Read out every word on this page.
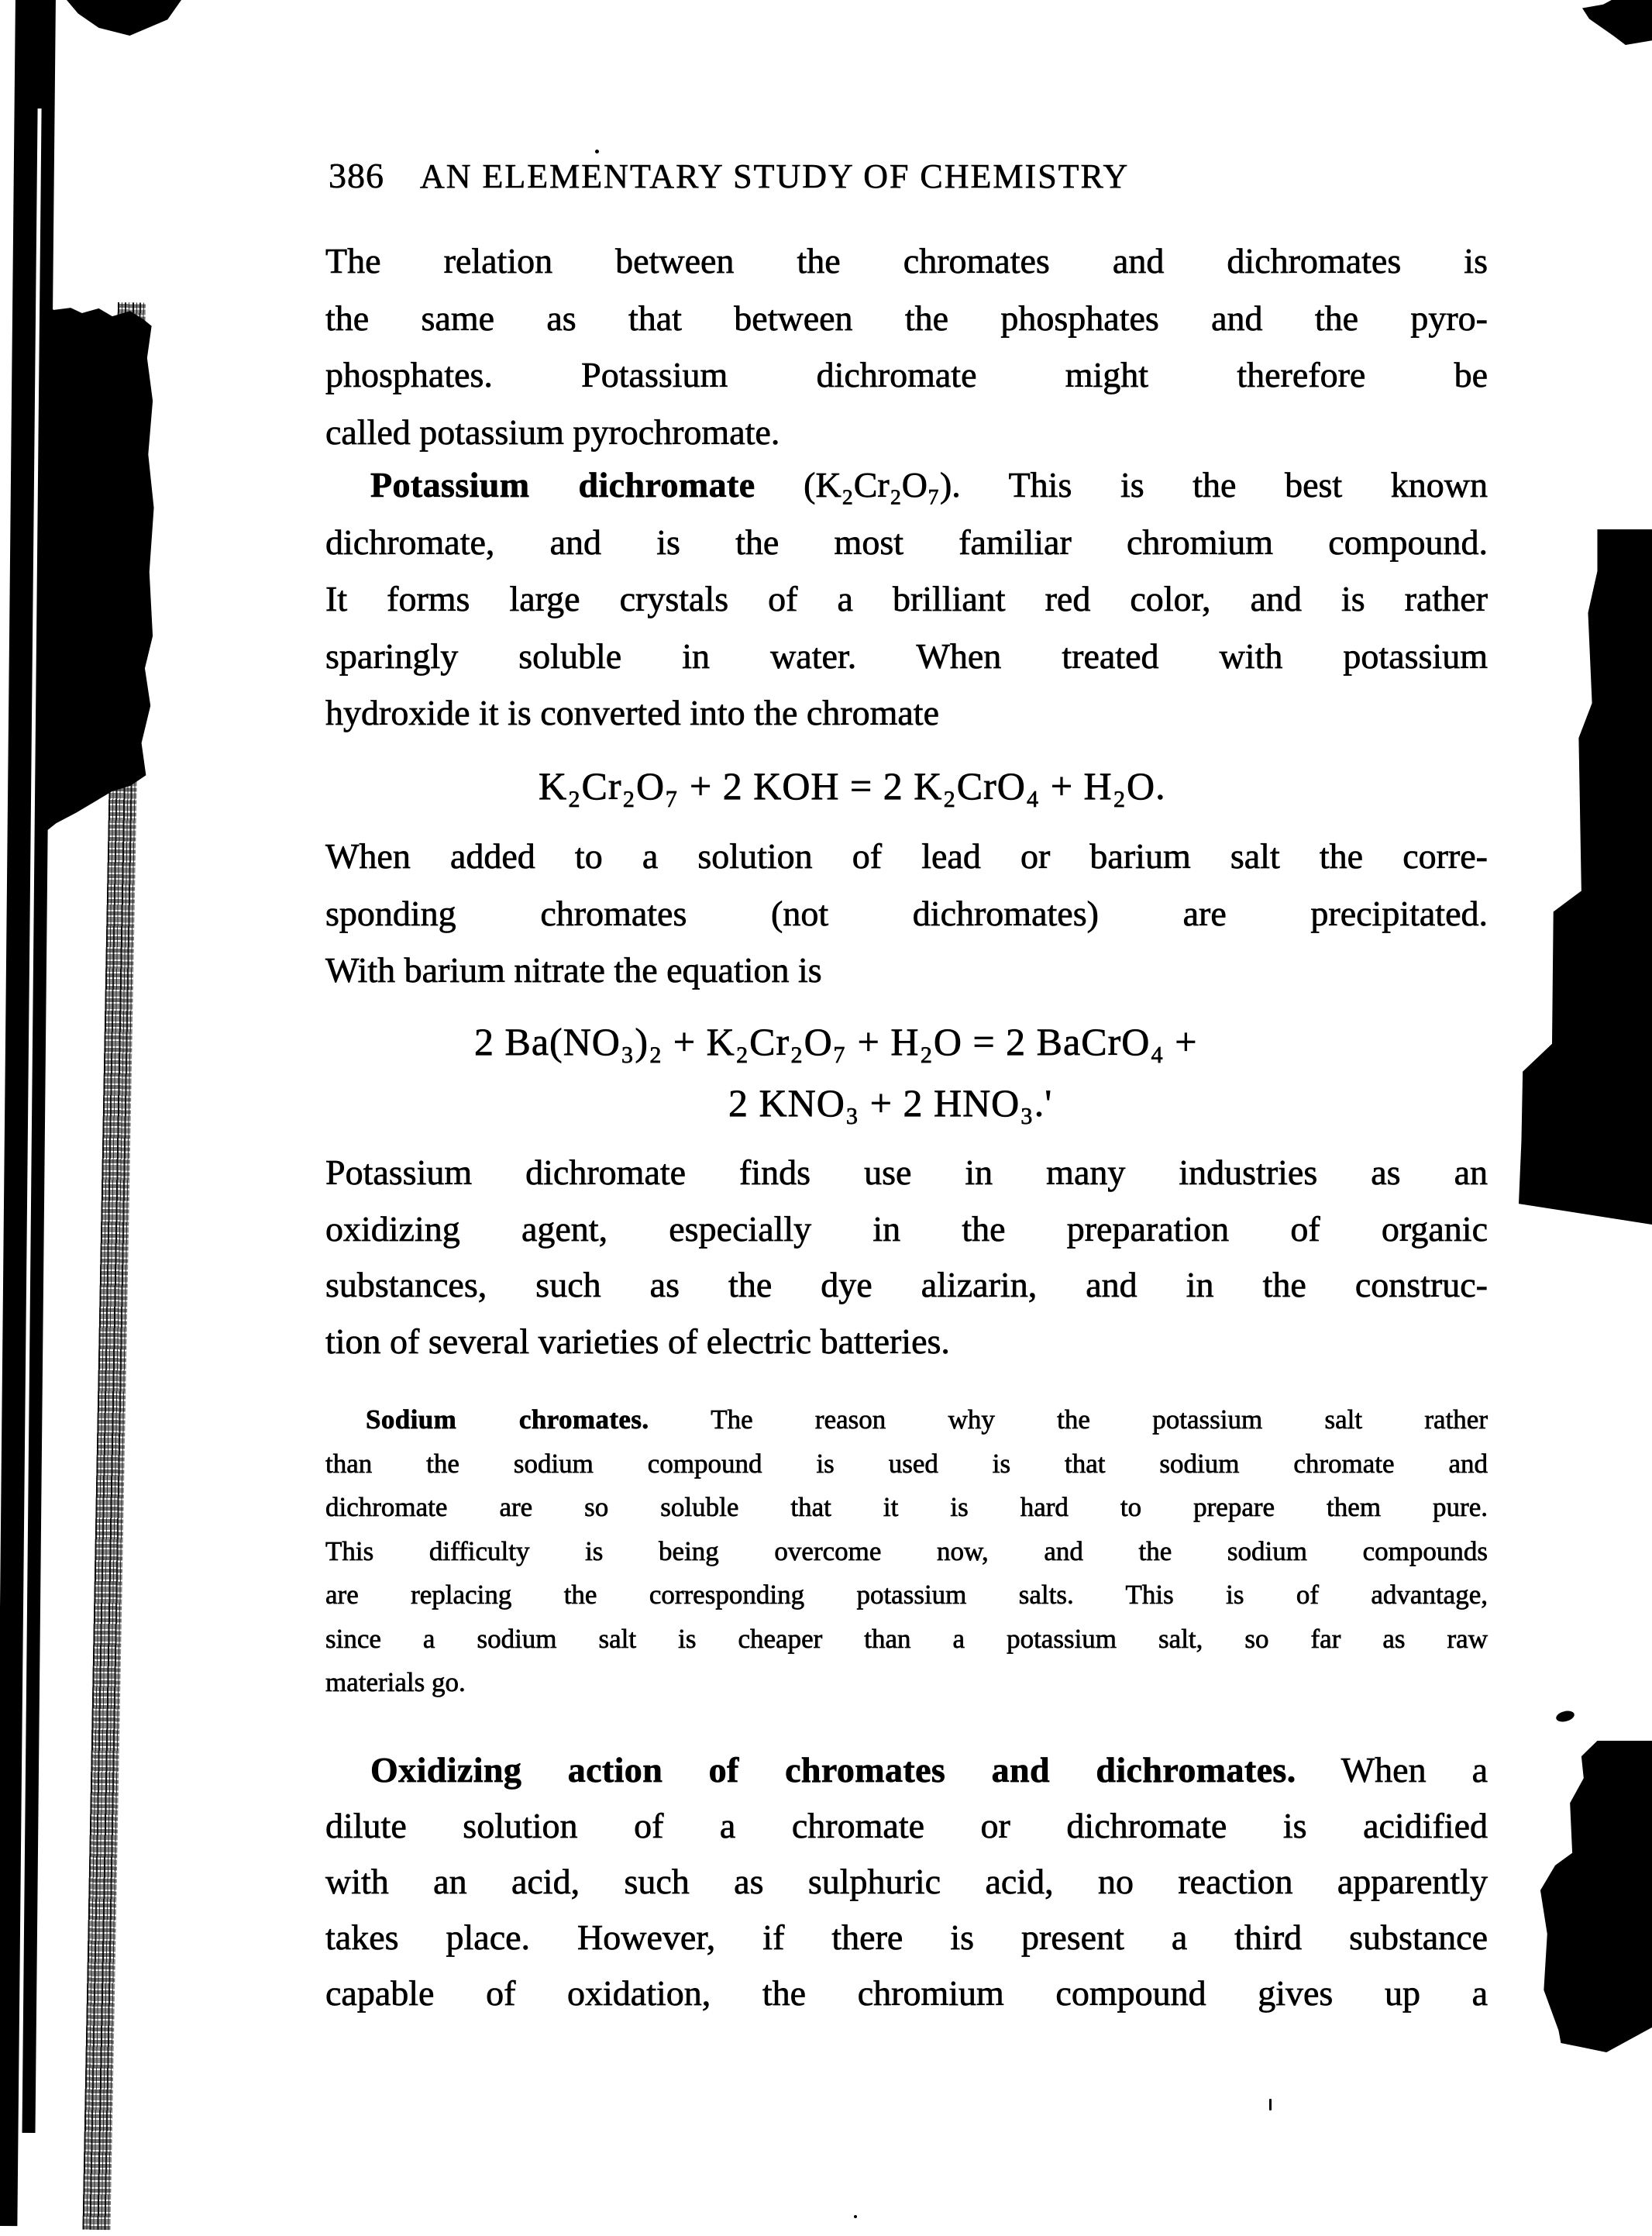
386 AN ELEMENTARY STUDY OF CHEMISTRY
The relation between the chromates and dichromates is
the same as that between the phosphates and the pyro-
phosphates. Potassium dichromate might therefore be
called potassium pyrochromate.
Potassium dichromate (K₂Cr₂O₇). This is the best known
dichromate, and is the most familiar chromium compound.
It forms large crystals of a brilliant red color, and is rather
sparingly soluble in water. When treated with potassium
hydroxide it is converted into the chromate
K₂Cr₂O₇ + 2 KOH = 2 K₂CrO₄ + H₂O.
When added to a solution of lead or barium salt the corre-
sponding chromates (not dichromates) are precipitated.
With barium nitrate the equation is
2 Ba(NO₃)₂ + K₂Cr₂O₇ + H₂O = 2 BaCrO₄ +
2 KNO₃ + 2 HNO₃.'
Potassium dichromate finds use in many industries as an
oxidizing agent, especially in the preparation of organic
substances, such as the dye alizarin, and in the construc-
tion of several varieties of electric batteries.
Sodium chromates. The reason why the potassium salt rather
than the sodium compound is used is that sodium chromate and
dichromate are so soluble that it is hard to prepare them pure.
This difficulty is being overcome now, and the sodium compounds
are replacing the corresponding potassium salts. This is of advantage,
since a sodium salt is cheaper than a potassium salt, so far as raw
materials go.
Oxidizing action of chromates and dichromates. When a
dilute solution of a chromate or dichromate is acidified
with an acid, such as sulphuric acid, no reaction apparently
takes place. However, if there is present a third substance
capable of oxidation, the chromium compound gives up a
